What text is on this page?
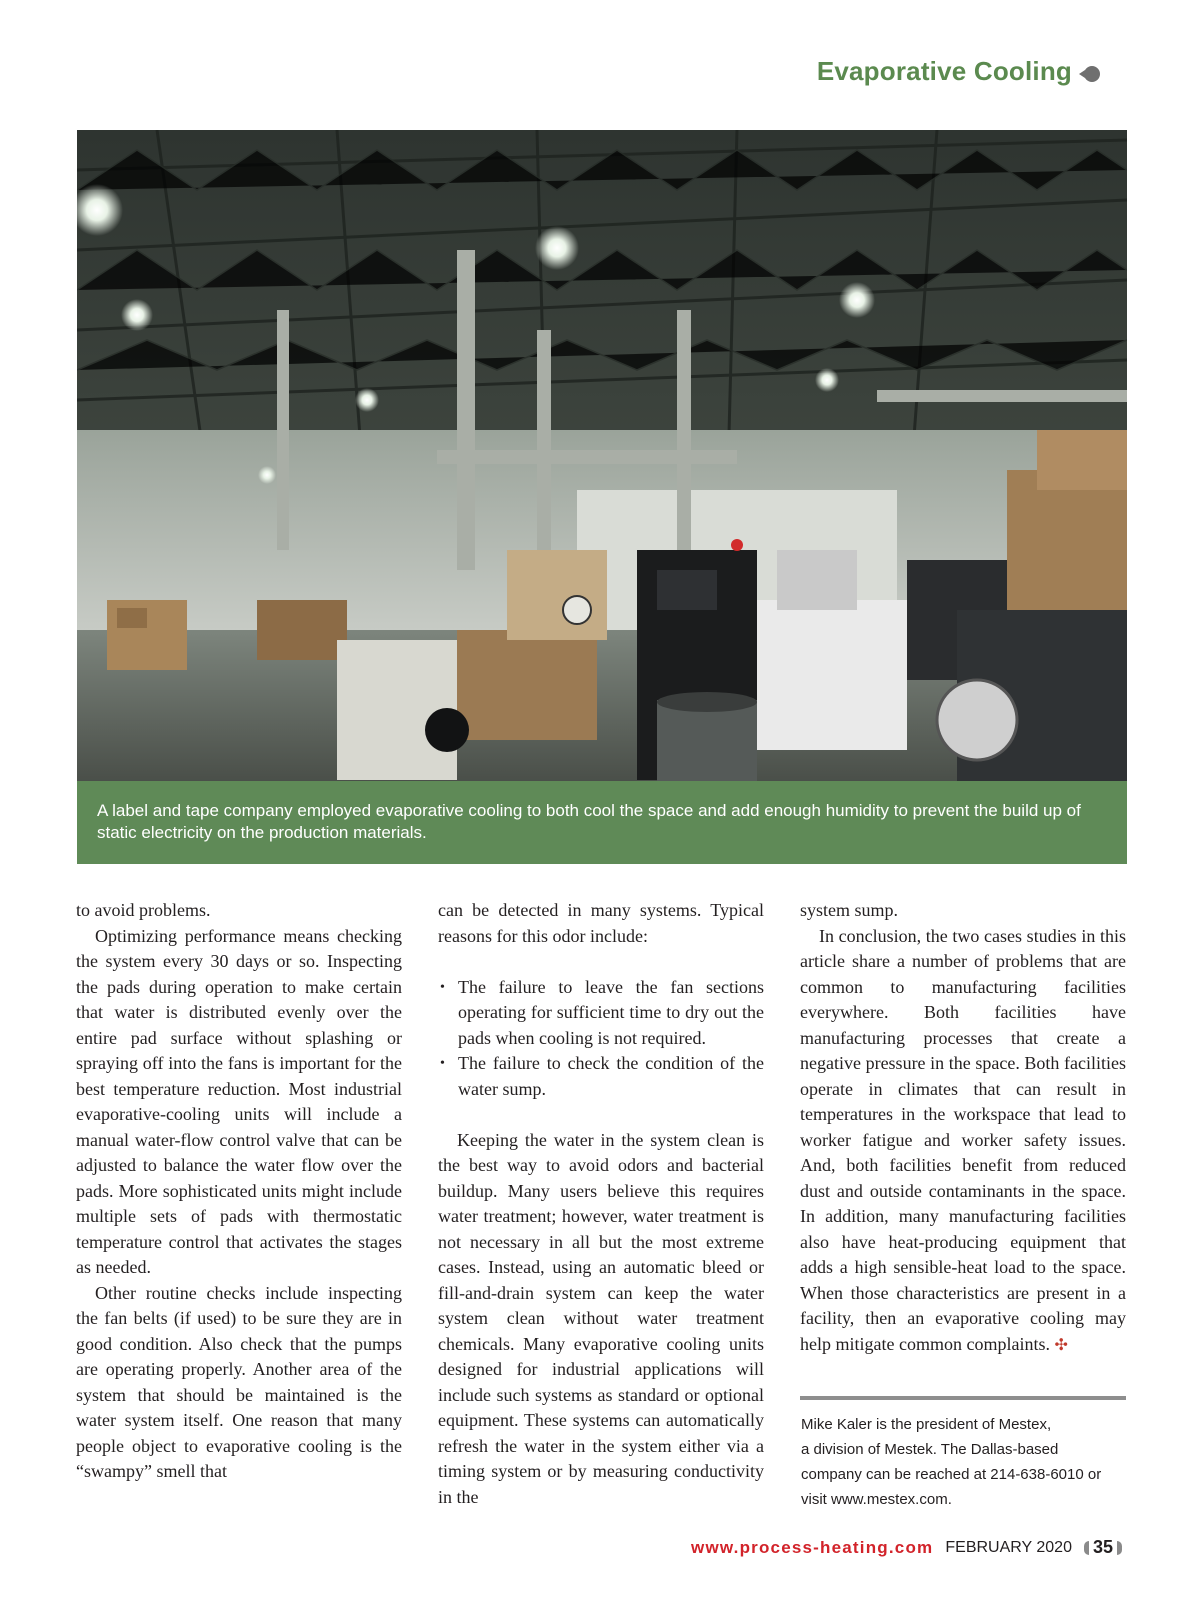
Evaporative Cooling
A label and tape company employed evaporative cooling to both cool the space and add enough humidity to prevent the build up of static electricity on the production materials.

to avoid problems.

Optimizing performance means checking the system every 30 days or so. Inspecting the pads during operation to make certain that water is distributed evenly over the entire pad surface without splashing or spraying off into the fans is important for the best temperature reduction. Most industrial evaporative-cooling units will include a manual water-flow control valve that can be adjusted to balance the water flow over the pads. More sophisticated units might include multiple sets of pads with thermostatic temperature control that activates the stages as needed.

Other routine checks include inspecting the fan belts (if used) to be sure they are in good condition. Also check that the pumps are operating properly. Another area of the system that should be maintained is the water system itself. One reason that many people object to evaporative cooling is the “swampy” smell that

can be detected in many systems. Typical reasons for this odor include:

• The failure to leave the fan sections operating for sufficient time to dry out the pads when cooling is not required.
• The failure to check the condition of the water sump.

Keeping the water in the system clean is the best way to avoid odors and bacterial buildup. Many users believe this requires water treatment; however, water treatment is not necessary in all but the most extreme cases. Instead, using an automatic bleed or fill-and-drain system can keep the water system clean without water treatment chemicals. Many evaporative cooling units designed for industrial applications will include such systems as standard or optional equipment. These systems can automatically refresh the water in the system either via a timing system or by measuring conductivity in the

system sump.

In conclusion, the two cases studies in this article share a number of problems that are common to manufacturing facilities everywhere. Both facilities have manufacturing processes that create a negative pressure in the space. Both facilities operate in climates that can result in temperatures in the workspace that lead to worker fatigue and worker safety issues. And, both facilities benefit from reduced dust and outside contaminants in the space. In addition, many manufacturing facilities also have heat-producing equipment that adds a high sensible-heat load to the space. When those characteristics are present in a facility, then an evaporative cooling may help mitigate common complaints. ✣

Mike Kaler is the president of Mestex,
a division of Mestek. The Dallas-based
company can be reached at 214-638-6010 or
visit www.mestex.com.
www.process-heating.com FEBRUARY 2020 35
